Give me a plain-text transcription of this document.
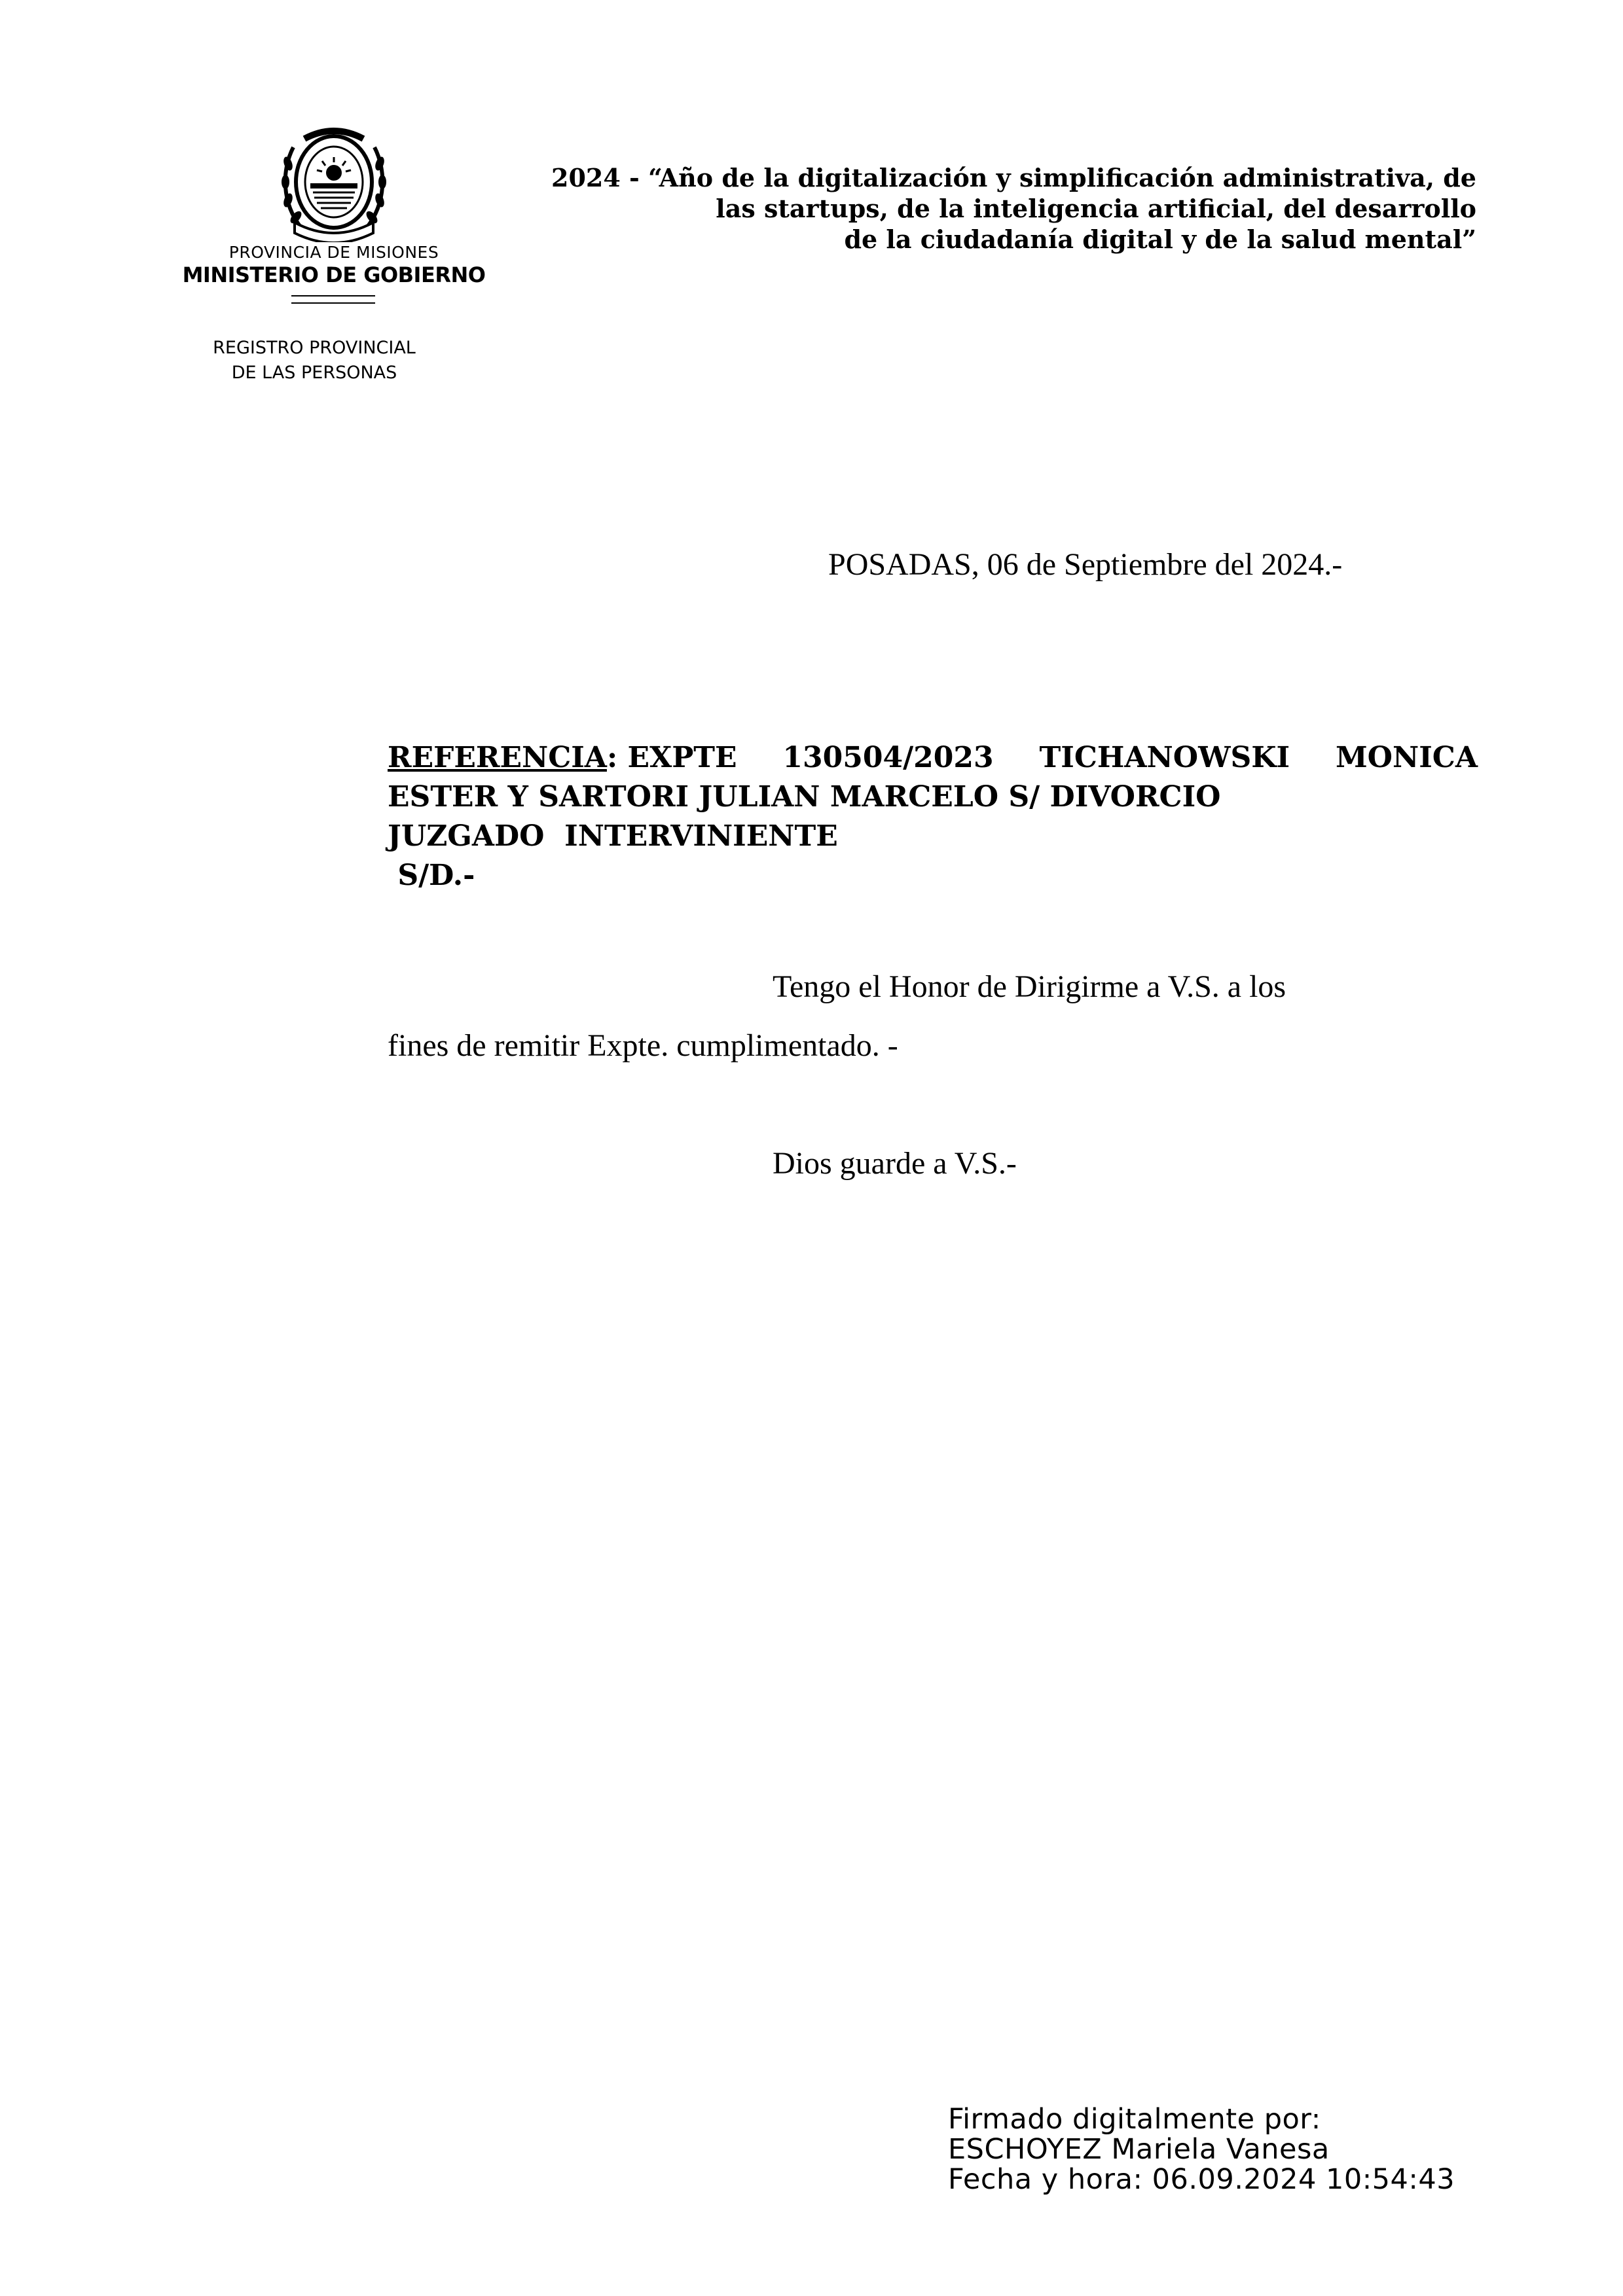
PROVINCIA DE MISIONES
MINISTERIO DE GOBIERNO
REGISTRO PROVINCIAL
DE LAS PERSONAS
2024 - “Año de la digitalización y simplificación administrativa, de
las startups, de la inteligencia artificial, del desarrollo
de la ciudadanía digital y de la salud mental”
POSADAS, 06 de Septiembre del 2024.-
REFERENCIA: EXPTE 130504/2023 TICHANOWSKI MONICA
ESTER Y SARTORI JULIAN MARCELO S/ DIVORCIO
JUZGADO  INTERVINIENTE
S/D.-
Tengo el Honor de Dirigirme a V.S. a los
fines de remitir Expte. cumplimentado. -
Dios guarde a V.S.-
Firmado digitalmente por:
ESCHOYEZ Mariela Vanesa
Fecha y hora: 06.09.2024 10:54:43
